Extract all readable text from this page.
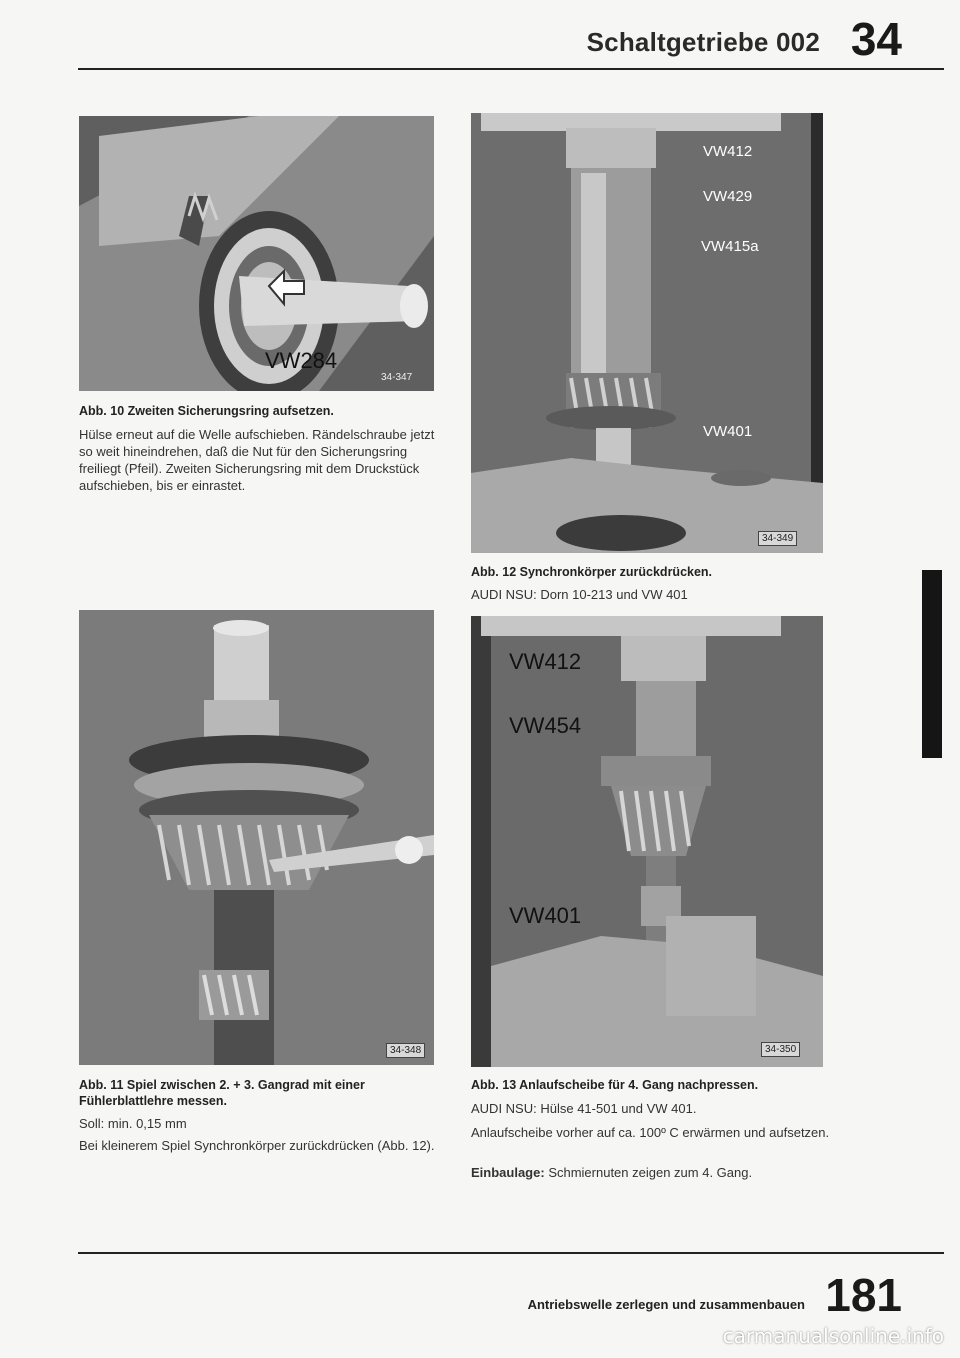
Schaltgetriebe 002 34
VW284
34-347
Abb. 10 Zweiten Sicherungsring aufsetzen.
Hülse erneut auf die Welle aufschieben. Rändelschraube jetzt so weit hineindrehen, daß die Nut für den Sicherungsring freiliegt (Pfeil). Zweiten Sicherungsring mit dem Druckstück aufschieben, bis er einrastet.
34-348
Abb. 11 Spiel zwischen 2. + 3. Gangrad mit einer Fühlerblattlehre messen.
Soll: min. 0,15 mm
Bei kleinerem Spiel Synchronkörper zurückdrücken (Abb. 12).
VW412
VW429
VW415a
VW401
34-349
Abb. 12 Synchronkörper zurückdrücken.
AUDI NSU: Dorn 10-213 und VW 401
VW412
VW454
VW401
34-350
Abb. 13 Anlaufscheibe für 4. Gang nachpressen.
AUDI NSU: Hülse 41-501 und VW 401.
Anlaufscheibe vorher auf ca. 100º C erwärmen und aufsetzen.
Einbaulage: Schmiernuten zeigen zum 4. Gang.
Antriebswelle zerlegen und zusammenbauen 181
carmanualsonline.info
